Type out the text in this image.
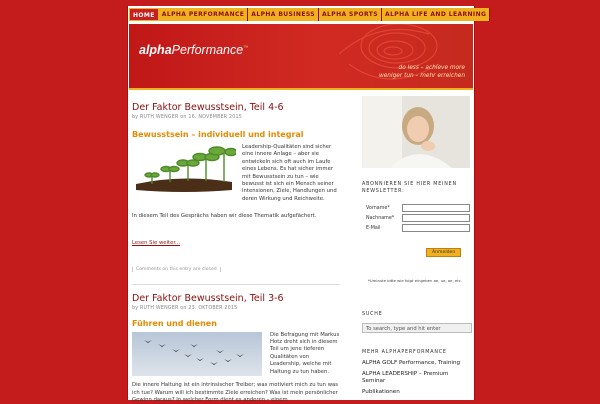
HOME	ALPHA PERFORMANCE	ALPHA BUSINESS	ALPHA SPORTS	ALPHA LIFE AND LEARNING
alphaPerformance™
do less – achieve more
weniger tun – mehr erreichen
Der Faktor Bewusstsein, Teil 4-6
by RUTH WENGER on 16. NOVEMBER 2015
Bewusstsein – individuell und integral
Leadership-Qualitäten sind sicher eine innere Anlage – aber sie entwickeln sich oft auch im Laufe eines Lebens. Es hat sicher immer mit Bewusstsein zu tun – wie bewusst ist sich ein Mensch seiner Intensionen, Ziele, Handlungen und deren Wirkung und Reichweite.
In diesem Teil des Gesprächs haben wir diese Thematik aufgefächert.
Lesen Sie weiter...
Comments on this entry are closed
Der Faktor Bewusstsein, Teil 3-6
by RUTH WENGER on 23. OKTOBER 2015
Führen und dienen
Die Befragung mit Markus Hotz dreht sich in diesem Teil um jene tieferen Qualitäten von Leadership, welche mit Haltung zu tun haben.
Die innere Haltung ist ein intrinsischer Treiber; was motiviert mich zu tun was ich tue? Warum will ich bestimmte Ziele erreichen? Was ist mein persönlicher Gewinn daraus? In welcher Form dient es anderen – einem
ABONNIEREN SIE HIER MEINEN NEWSLETTER:
Vorname*
Nachname*
E-Mail
Anmelden
*Umlaute bitte wie folgt eingeben ae, ue, oe, etc.
SUCHE
To search, type and hit enter
MEHR ALPHAPERFORMANCE
ALPHA GOLF Performance, Training
ALPHA LEADERSHIP – Premium Seminar
Publikationen
